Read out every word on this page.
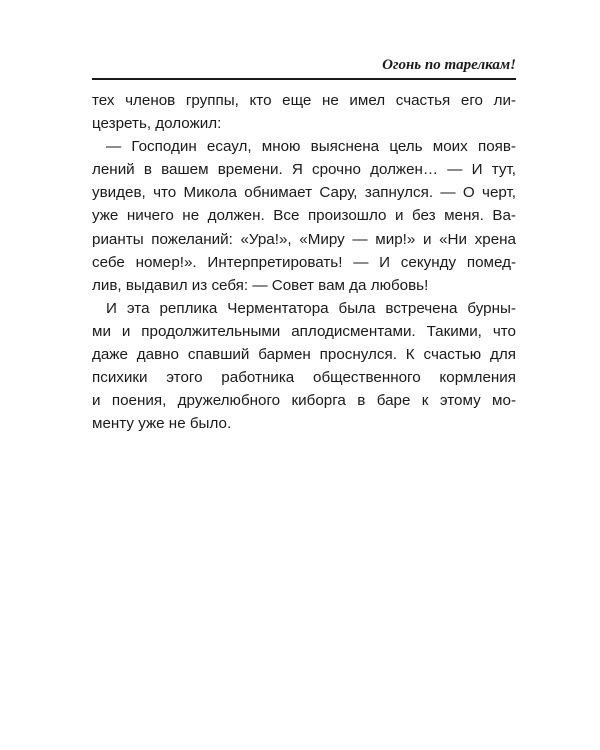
Огонь по тарелкам!
тех членов группы, кто еще не имел счастья его ли-
цезреть, доложил:
— Господин есаул, мною выяснена цель моих появ-
лений в вашем времени. Я срочно должен… — И тут,
увидев, что Микола обнимает Сару, запнулся. — О черт,
уже ничего не должен. Все произошло и без меня. Ва-
рианты пожеланий: «Ура!», «Миру — мир!» и «Ни хрена
себе номер!». Интерпретировать! — И секунду помед-
лив, выдавил из себя: — Совет вам да любовь!
И эта реплика Черментатора была встречена бурны-
ми и продолжительными аплодисментами. Такими, что
даже давно спавший бармен проснулся. К счастью для
психики этого работника общественного кормления
и поения, дружелюбного киборга в баре к этому мо-
менту уже не было.
